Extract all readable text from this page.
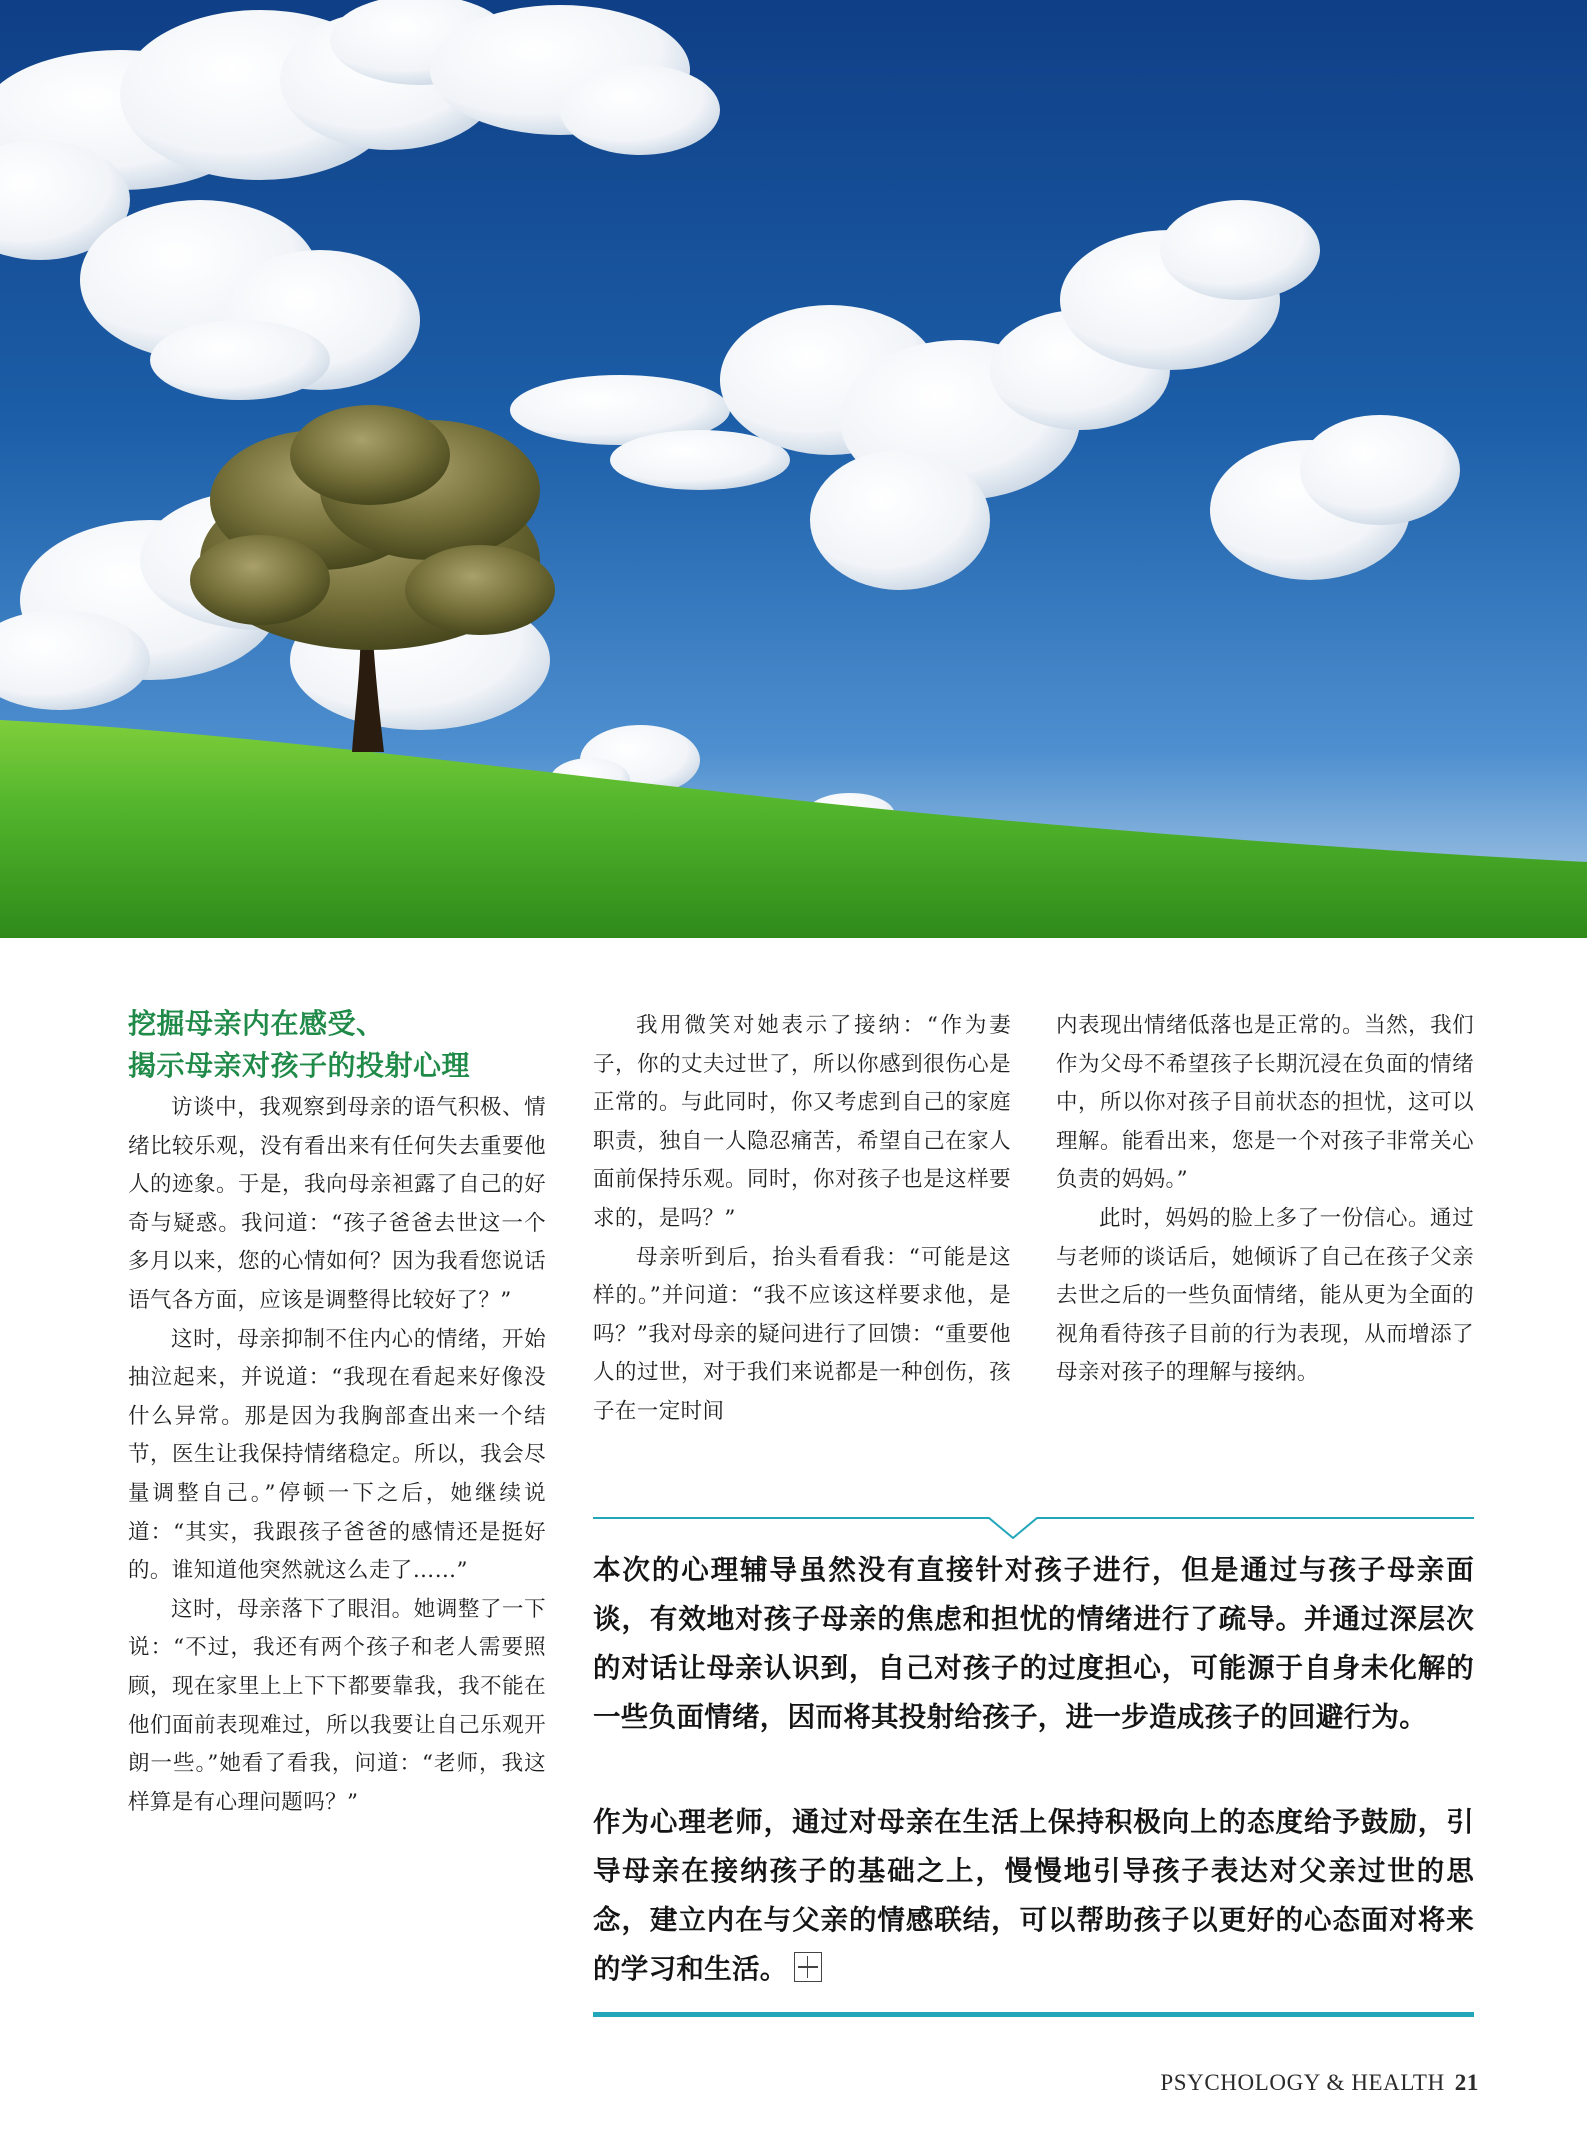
挖掘母亲内在感受、
揭示母亲对孩子的投射心理

访谈中，我观察到母亲的语气积极、情绪比较乐观，没有看出来有任何失去重要他人的迹象。于是，我向母亲袒露了自己的好奇与疑惑。我问道：“孩子爸爸去世这一个多月以来，您的心情如何？因为我看您说话语气各方面，应该是调整得比较好了？”

这时，母亲抑制不住内心的情绪，开始抽泣起来，并说道：“我现在看起来好像没什么异常。那是因为我胸部查出来一个结节，医生让我保持情绪稳定。所以，我会尽量调整自己。”停顿一下之后，她继续说道：“其实，我跟孩子爸爸的感情还是挺好的。谁知道他突然就这么走了……”

这时，母亲落下了眼泪。她调整了一下说：“不过，我还有两个孩子和老人需要照顾，现在家里上上下下都要靠我，我不能在他们面前表现难过，所以我要让自己乐观开朗一些。”她看了看我，问道：“老师，我这样算是有心理问题吗？”

我用微笑对她表示了接纳：“作为妻子，你的丈夫过世了，所以你感到很伤心是正常的。与此同时，你又考虑到自己的家庭职责，独自一人隐忍痛苦，希望自己在家人面前保持乐观。同时，你对孩子也是这样要求的，是吗？”

母亲听到后，抬头看看我：“可能是这样的。”并问道：“我不应该这样要求他，是吗？”我对母亲的疑问进行了回馈：“重要他人的过世，对于我们来说都是一种创伤，孩子在一定时间

内表现出情绪低落也是正常的。当然，我们作为父母不希望孩子长期沉浸在负面的情绪中，所以你对孩子目前状态的担忧，这可以理解。能看出来，您是一个对孩子非常关心负责的妈妈。”

此时，妈妈的脸上多了一份信心。通过与老师的谈话后，她倾诉了自己在孩子父亲去世之后的一些负面情绪，能从更为全面的视角看待孩子目前的行为表现，从而增添了母亲对孩子的理解与接纳。

本次的心理辅导虽然没有直接针对孩子进行，但是通过与孩子母亲面谈，有效地对孩子母亲的焦虑和担忧的情绪进行了疏导。并通过深层次的对话让母亲认识到，自己对孩子的过度担心，可能源于自身未化解的一些负面情绪，因而将其投射给孩子，进一步造成孩子的回避行为。

作为心理老师，通过对母亲在生活上保持积极向上的态度给予鼓励，引导母亲在接纳孩子的基础之上，慢慢地引导孩子表达对父亲过世的思念，建立内在与父亲的情感联结，可以帮助孩子以更好的心态面对将来的学习和生活。

PSYCHOLOGY & HEALTH 21
